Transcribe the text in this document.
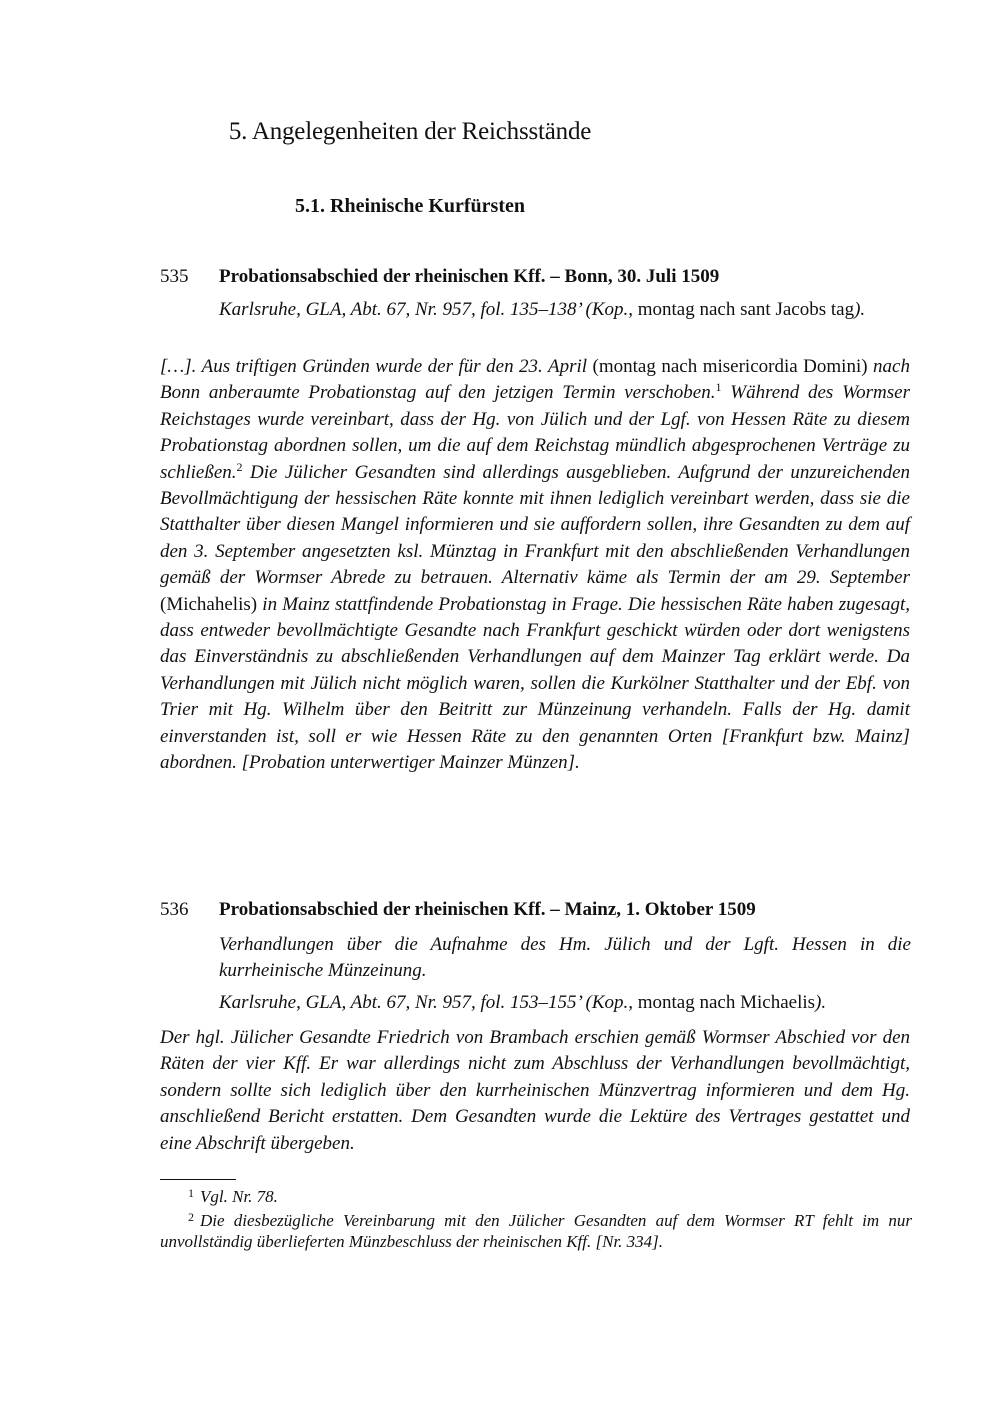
5. Angelegenheiten der Reichsstände
5.1. Rheinische Kurfürsten
535 Probationsabschied der rheinischen Kff. – Bonn, 30. Juli 1509
Karlsruhe, GLA, Abt. 67, Nr. 957, fol. 135–138’ (Kop., montag nach sant Jacobs tag).
[…]. Aus triftigen Gründen wurde der für den 23. April (montag nach misericordia Domini) nach Bonn anberaumte Probationstag auf den jetzigen Termin verschoben.$^1$ Während des Wormser Reichstages wurde vereinbart, dass der Hg. von Jülich und der Lgf. von Hessen Räte zu diesem Probationstag abordnen sollen, um die auf dem Reichstag mündlich abgesprochenen Verträge zu schließen.$^2$ Die Jülicher Gesandten sind allerdings ausgeblieben. Aufgrund der unzureichenden Bevollmächtigung der hessischen Räte konnte mit ihnen lediglich vereinbart werden, dass sie die Statthalter über diesen Mangel informieren und sie auffordern sollen, ihre Gesandten zu dem auf den 3. September angesetzten ksl. Münztag in Frankfurt mit den abschließenden Verhandlungen gemäß der Wormser Abrede zu betrauen. Alternativ käme als Termin der am 29. September (Michahelis) in Mainz stattfindende Probationstag in Frage. Die hessischen Räte haben zugesagt, dass entweder bevollmächtigte Gesandte nach Frankfurt geschickt würden oder dort wenigstens das Einverständnis zu abschließenden Verhandlungen auf dem Mainzer Tag erklärt werde. Da Verhandlungen mit Jülich nicht möglich waren, sollen die Kurkölner Statthalter und der Ebf. von Trier mit Hg. Wilhelm über den Beitritt zur Münzeinung verhandeln. Falls der Hg. damit einverstanden ist, soll er wie Hessen Räte zu den genannten Orten [Frankfurt bzw. Mainz] abordnen. [Probation unterwertiger Mainzer Münzen].
536 Probationsabschied der rheinischen Kff. – Mainz, 1. Oktober 1509
Verhandlungen über die Aufnahme des Hm. Jülich und der Lgft. Hessen in die kurrheinische Münzeinung.
Karlsruhe, GLA, Abt. 67, Nr. 957, fol. 153–155’ (Kop., montag nach Michaelis).
Der hgl. Jülicher Gesandte Friedrich von Brambach erschien gemäß Wormser Abschied vor den Räten der vier Kff. Er war allerdings nicht zum Abschluss der Verhandlungen bevollmächtigt, sondern sollte sich lediglich über den kurrheinischen Münzvertrag informieren und dem Hg. anschließend Bericht erstatten. Dem Gesandten wurde die Lektüre des Vertrages gestattet und eine Abschrift übergeben.
$^1$ Vgl. Nr. 78.
$^2$ Die diesbezügliche Vereinbarung mit den Jülicher Gesandten auf dem Wormser RT fehlt im nur unvollständig überlieferten Münzbeschluss der rheinischen Kff. [Nr. 334].
